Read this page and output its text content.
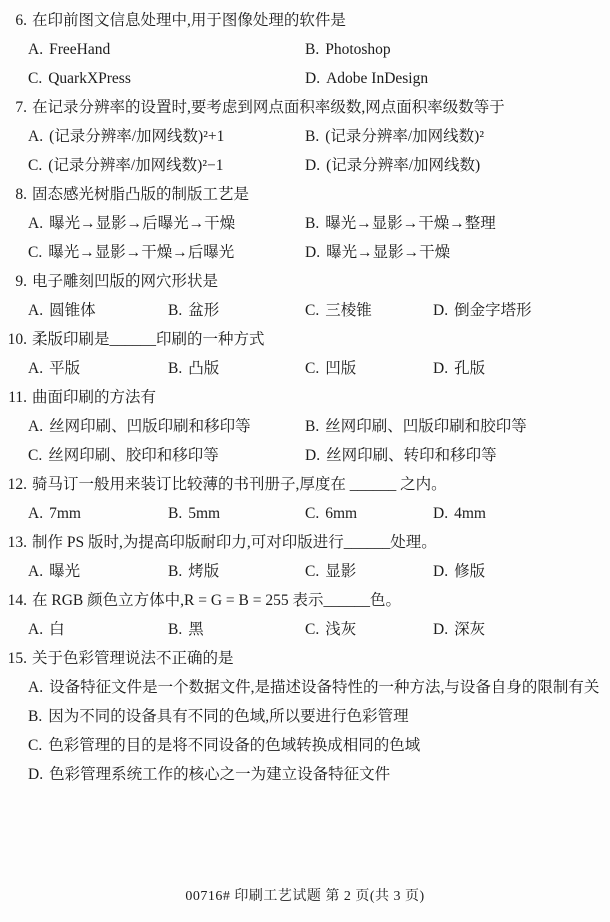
6. 在印前图文信息处理中,用于图像处理的软件是
A. FreeHand	B. Photoshop
C. QuarkXPress	D. Adobe InDesign
7. 在记录分辨率的设置时,要考虑到网点面积率级数,网点面积率级数等于
A. (记录分辨率/加网线数)²+1	B. (记录分辨率/加网线数)²
C. (记录分辨率/加网线数)²−1	D. (记录分辨率/加网线数)
8. 固态感光树脂凸版的制版工艺是
A. 曝光→显影→后曝光→干燥	B. 曝光→显影→干燥→整理
C. 曝光→显影→干燥→后曝光	D. 曝光→显影→干燥
9. 电子雕刻凹版的网穴形状是
A. 圆锥体	B. 盆形	C. 三棱锥	D. 倒金字塔形
10. 柔版印刷是______印刷的一种方式
A. 平版	B. 凸版	C. 凹版	D. 孔版
11. 曲面印刷的方法有
A. 丝网印刷、凹版印刷和移印等	B. 丝网印刷、凹版印刷和胶印等
C. 丝网印刷、胶印和移印等	D. 丝网印刷、转印和移印等
12. 骑马订一般用来装订比较薄的书刊册子,厚度在 ______ 之内。
A. 7mm	B. 5mm	C. 6mm	D. 4mm
13. 制作 PS 版时,为提高印版耐印力,可对印版进行______处理。
A. 曝光	B. 烤版	C. 显影	D. 修版
14. 在 RGB 颜色立方体中,R = G = B = 255 表示______色。
A. 白	B. 黑	C. 浅灰	D. 深灰
15. 关于色彩管理说法不正确的是
A. 设备特征文件是一个数据文件,是描述设备特性的一种方法,与设备自身的限制有关
B. 因为不同的设备具有不同的色域,所以要进行色彩管理
C. 色彩管理的目的是将不同设备的色域转换成相同的色域
D. 色彩管理系统工作的核心之一为建立设备特征文件
00716# 印刷工艺试题 第 2 页(共 3 页)
